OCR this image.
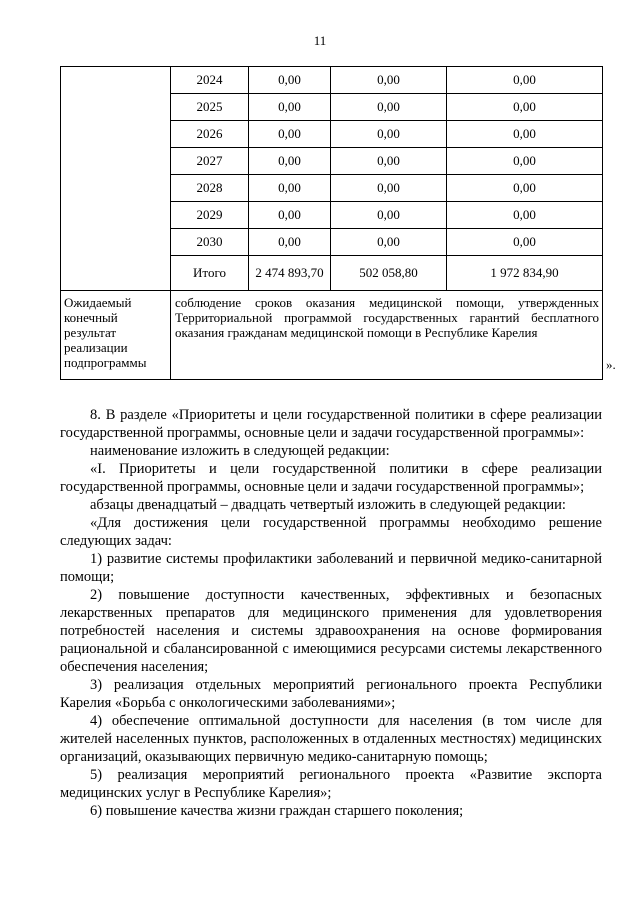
11
	2024	0,00	0,00	0,00
	2025	0,00	0,00	0,00
	2026	0,00	0,00	0,00
	2027	0,00	0,00	0,00
	2028	0,00	0,00	0,00
	2029	0,00	0,00	0,00
	2030	0,00	0,00	0,00
	Итого	2 474 893,70	502 058,80	1 972 834,90
Ожидаемый конечный результат реализации подпрограммы	соблюдение сроков оказания медицинской помощи, утвержденных Территориальной программой государственных гарантий бесплатного оказания гражданам медицинской помощи в Республике Карелия			
».

8. В разделе «Приоритеты и цели государственной политики в сфере реализации государственной программы, основные цели и задачи государственной программы»:

наименование изложить в следующей редакции:

«I. Приоритеты и цели государственной политики в сфере реализации государственной программы, основные цели и задачи государственной программы»;

абзацы двенадцатый – двадцать четвертый изложить в следующей редакции:

«Для достижения цели государственной программы необходимо решение следующих задач:

1) развитие системы профилактики заболеваний и первичной медико-санитарной помощи;

2) повышение доступности качественных, эффективных и безопасных лекарственных препаратов для медицинского применения для удовлетворения потребностей населения и системы здравоохранения на основе формирования рациональной и сбалансированной с имеющимися ресурсами системы лекарственного обеспечения населения;

3) реализация отдельных мероприятий регионального проекта Республики Карелия «Борьба с онкологическими заболеваниями»;

4) обеспечение оптимальной доступности для населения (в том числе для жителей населенных пунктов, расположенных в отдаленных местностях) медицинских организаций, оказывающих первичную медико-санитарную помощь;

5) реализация мероприятий регионального проекта «Развитие экспорта медицинских услуг в Республике Карелия»;

6) повышение качества жизни граждан старшего поколения;
